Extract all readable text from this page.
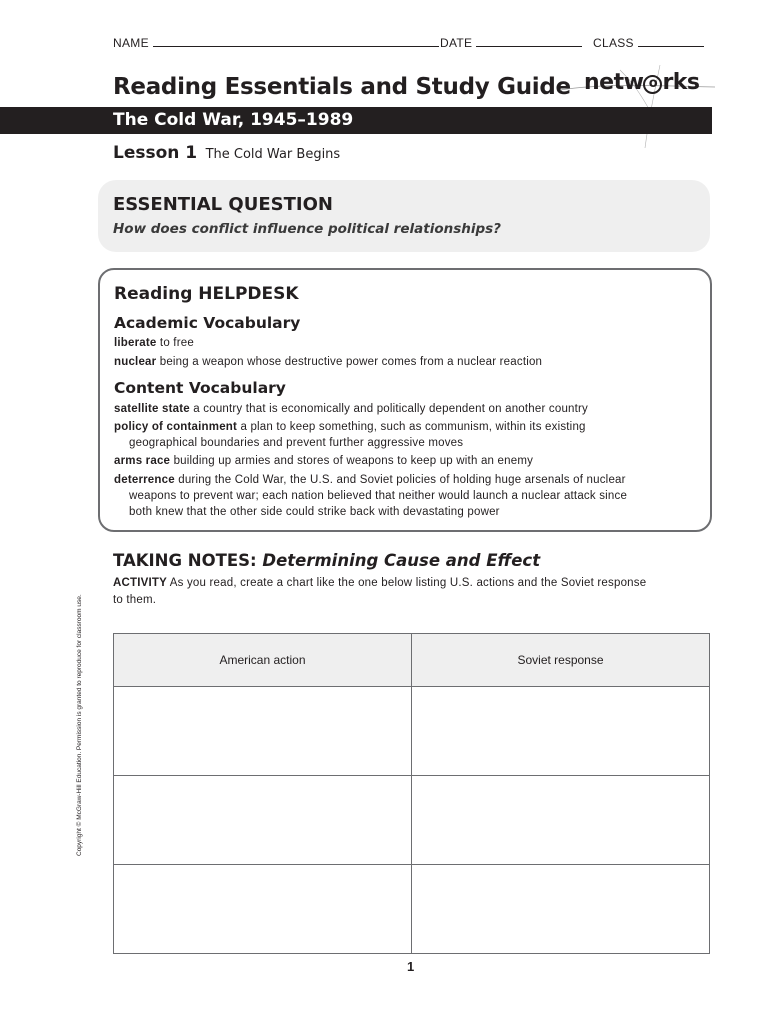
NAME	DATE	CLASS
Reading Essentials and Study Guide netw o rks
The Cold War, 1945–1989
Lesson 1 The Cold War Begins
ESSENTIAL QUESTION
How does conflict influence political relationships?
Reading HELPDESK
Academic Vocabulary
liberate to free
nuclear being a weapon whose destructive power comes from a nuclear reaction
Content Vocabulary
satellite state a country that is economically and politically dependent on another country
policy of containment a plan to keep something, such as communism, within its existing
geographical boundaries and prevent further aggressive moves
arms race building up armies and stores of weapons to keep up with an enemy
deterrence during the Cold War, the U.S. and Soviet policies of holding huge arsenals of nuclear
weapons to prevent war; each nation believed that neither would launch a nuclear attack since
both knew that the other side could strike back with devastating power
TAKING NOTES: Determining Cause and Effect
ACTIVITY As you read, create a chart like the one below listing U.S. actions and the Soviet response
to them.
American action	Soviet response

Copyright © McGraw-Hill Education. Permission is granted to reproduce for classroom use.
1
